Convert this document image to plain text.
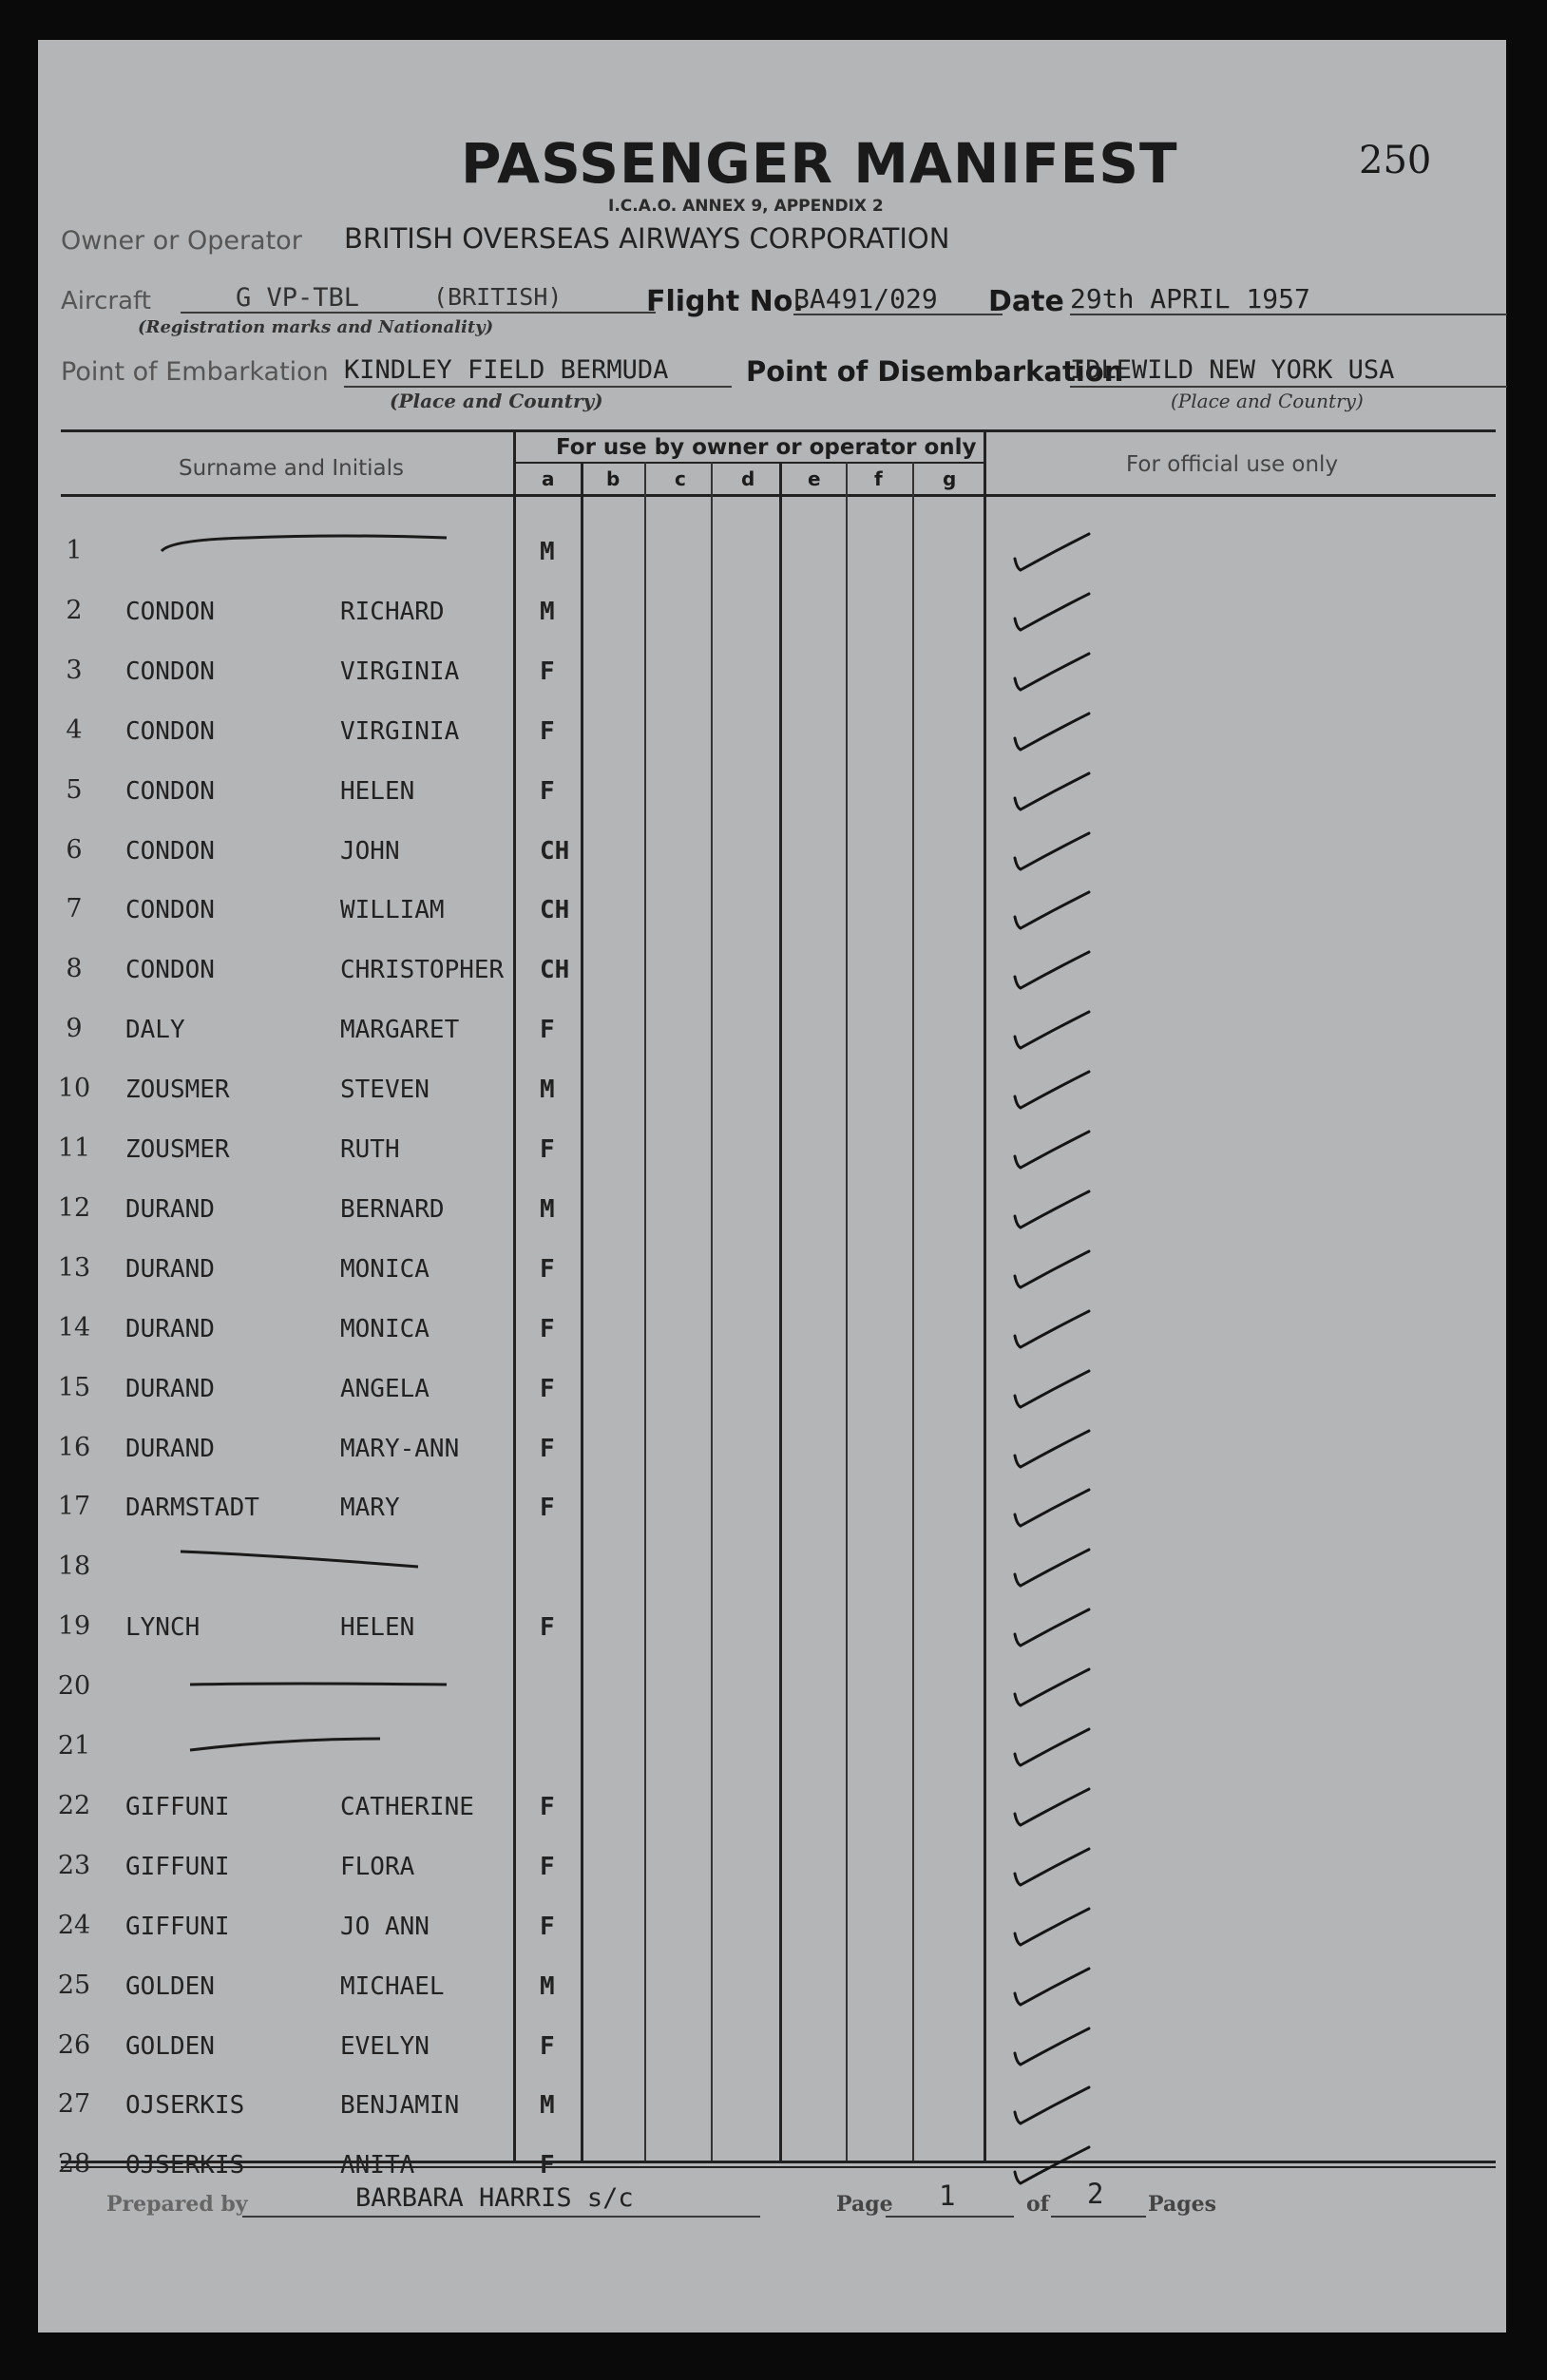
PASSENGER MANIFEST
I.C.A.O. ANNEX 9, APPENDIX 2
250
Owner or Operator BRITISH OVERSEAS AIRWAYS CORPORATION
Aircraft	G VP-TBL	(BRITISH)
(Registration marks and Nationality)
Flight No.
BA491/029 Date 29th APRIL 1957
Point of Embarkation KINDLEY FIELD BERMUDA
(Place and Country)
Point of Disembarkation
IDLEWILD NEW YORK USA
(Place and Country)
Surname and Initials
For use by owner or operator only
For official use only
a	b	c	d	e	f	g
1	M
2	CONDON	RICHARD	M
3	CONDON	VIRGINIA	F
4	CONDON	VIRGINIA	F
5	CONDON	HELEN	F
6	CONDON	JOHN	CH
7	CONDON	WILLIAM	CH
8	CONDON	CHRISTOPHER CH
9	DALY	MARGARET	F
10	ZOUSMER	STEVEN	M
11	ZOUSMER	RUTH	F
12	DURAND	BERNARD	M
13	DURAND	MONICA	F
14	DURAND	MONICA	F
15	DURAND	ANGELA	F
16	DURAND	MARY-ANN	F
17	DARMSTADT	MARY	F
18
19	LYNCH	HELEN	F
20
21
22	GIFFUNI	CATHERINE	F
23	GIFFUNI	FLORA	F
24	GIFFUNI	JO ANN	F
25	GOLDEN	MICHAEL	M
26	GOLDEN	EVELYN	F
27	OJSERKIS	BENJAMIN	M
28	OJSERKIS	ANITA	F
Prepared by	BARBARA HARRIS s/c	Page 1	of 2 Pages
